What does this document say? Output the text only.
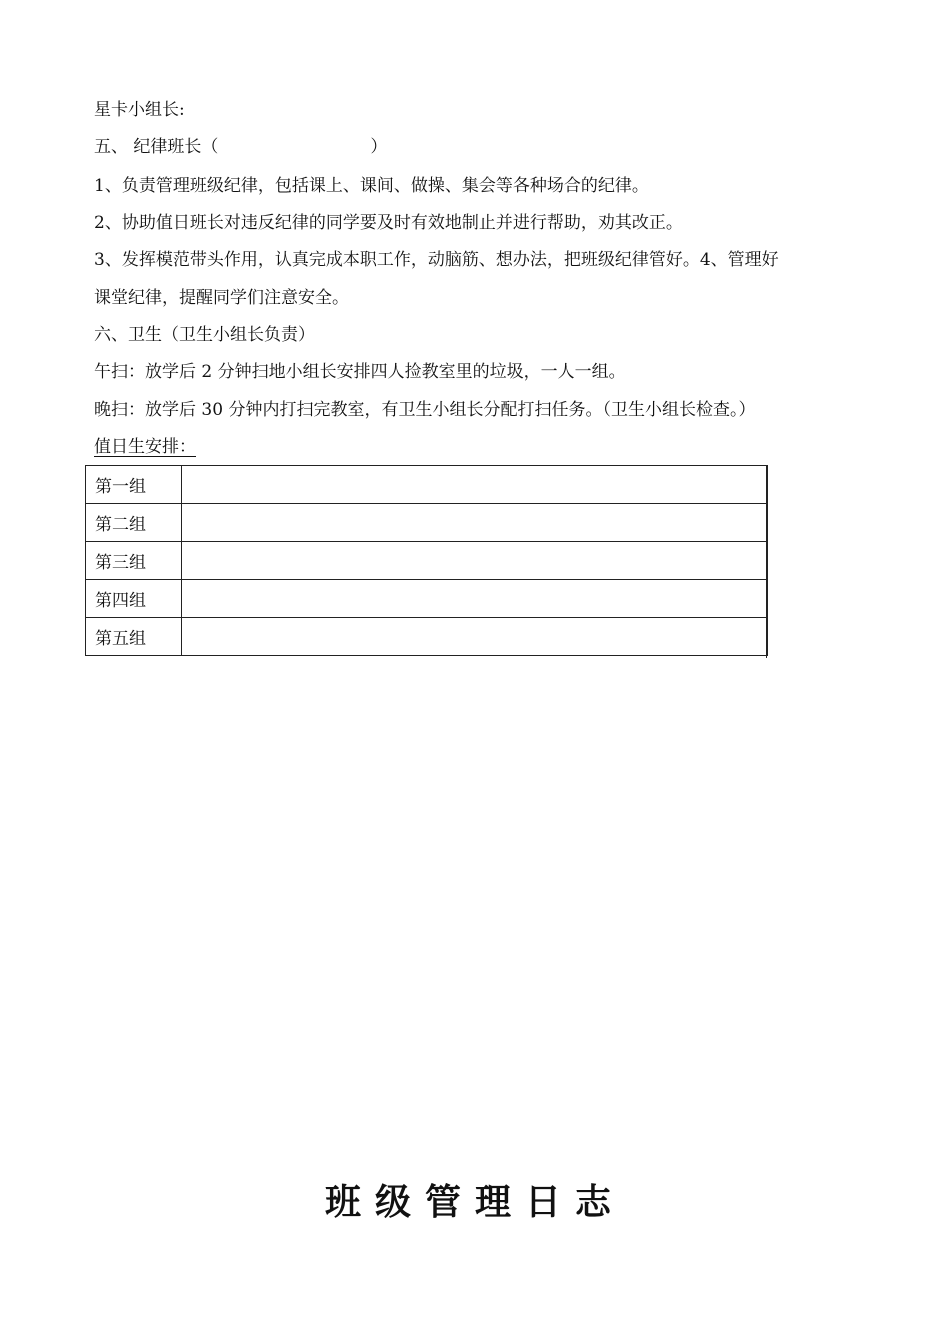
星卡小组长:
五、 纪律班长（	）
1、负责管理班级纪律，包括课上、课间、做操、集会等各种场合的纪律。
2、协助值日班长对违反纪律的同学要及时有效地制止并进行帮助，劝其改正。
3、发挥模范带头作用，认真完成本职工作，动脑筋、想办法，把班级纪律管好。4、管理好
课堂纪律，提醒同学们注意安全。
六、卫生（卫生小组长负责）
午扫：放学后 2 分钟扫地小组长安排四人捡教室里的垃圾，一人一组。
晚扫：放学后 30 分钟内打扫完教室，有卫生小组长分配打扫任务。（卫生小组长检查。）
值日生安排：
第一组	
第二组	
第三组	
第四组	
第五组	
班级管理日志
